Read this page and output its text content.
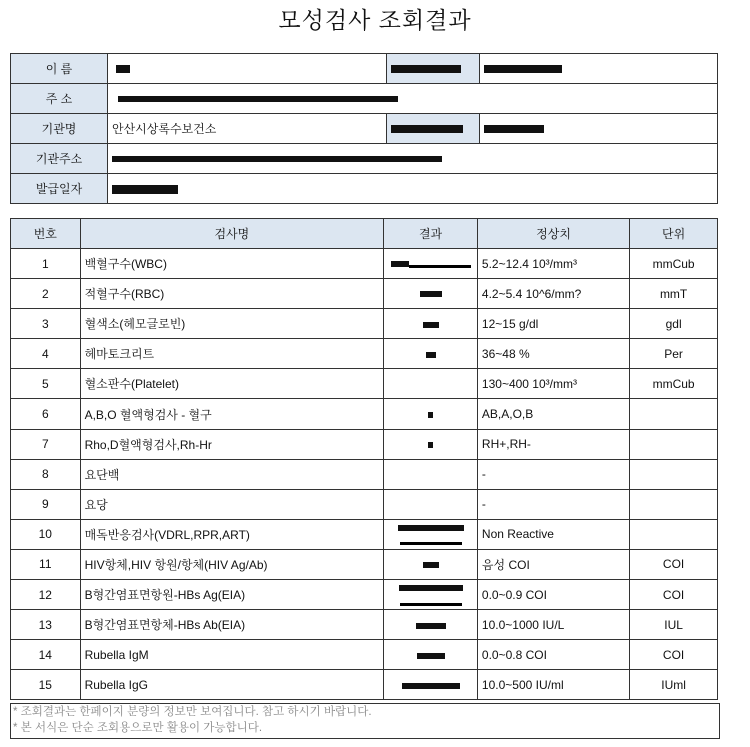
모성검사 조회결과
이 름			
주 소			
기관명	안산시상록수보건소		
기관주소			
발급일자			
번호	검사명	결과	정상치	단위
1	백혈구수(WBC)		5.2~12.4 10³/mm³	mmCub
2	적혈구수(RBC)		4.2~5.4 10^6/mm?	mmT
3	혈색소(헤모글로빈)		12~15 g/dl	gdl
4	헤마토크리트		36~48 %	Per
5	혈소판수(Platelet)		130~400 10³/mm³	mmCub
6	A,B,O 혈액형검사 - 혈구		AB,A,O,B	
7	Rho,D혈액형검사,Rh-Hr		RH+,RH-	
8	요단백		-	
9	요당		-	
10	매독반응검사(VDRL,RPR,ART)		Non Reactive	
11	HIV항체,HIV 항원/항체(HIV Ag/Ab)		음성 COI	COI
12	B형간염표면항원-HBs Ag(EIA)		0.0~0.9 COI	COI
13	B형간염표면항체-HBs Ab(EIA)		10.0~1000 IU/L	IUL
14	Rubella IgM		0.0~0.8 COI	COI
15	Rubella IgG		10.0~500 IU/ml	IUml
* 조회결과는 한페이지 분량의 정보만 보여집니다. 참고 하시기 바랍니다.
* 본 서식은 단순 조회용으로만 활용이 가능합니다.
